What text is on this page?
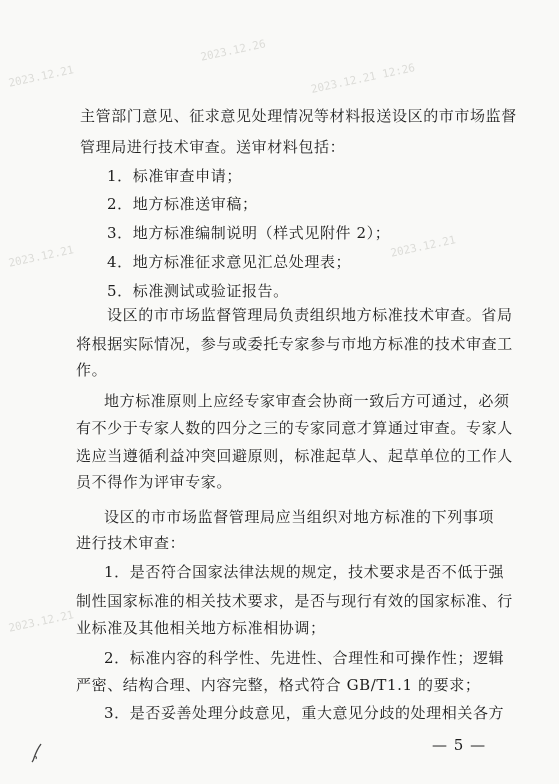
2023.12.21
2023.12.26
2023.12.21 12:26
2023.12.21	2023.12.21
2023.12.21
主管部门意见、征求意见处理情况等材料报送设区的市市场监督
管理局进行技术审查。送审材料包括：
1．标准审查申请；
2．地方标准送审稿；
3．地方标准编制说明（样式见附件 2）；
4．地方标准征求意见汇总处理表；
5．标准测试或验证报告。
设区的市市场监督管理局负责组织地方标准技术审查。省局
将根据实际情况，参与或委托专家参与市地方标准的技术审查工
作。
地方标准原则上应经专家审查会协商一致后方可通过，必须
有不少于专家人数的四分之三的专家同意才算通过审查。专家人
选应当遵循利益冲突回避原则，标准起草人、起草单位的工作人
员不得作为评审专家。
设区的市市场监督管理局应当组织对地方标准的下列事项
进行技术审查：
1．是否符合国家法律法规的规定，技术要求是否不低于强
制性国家标准的相关技术要求，是否与现行有效的国家标准、行
业标准及其他相关地方标准相协调；
2．标准内容的科学性、先进性、合理性和可操作性；逻辑
严密、结构合理、内容完整，格式符合 GB/T1.1 的要求；
3．是否妥善处理分歧意见，重大意见分歧的处理相关各方
— 5 —
